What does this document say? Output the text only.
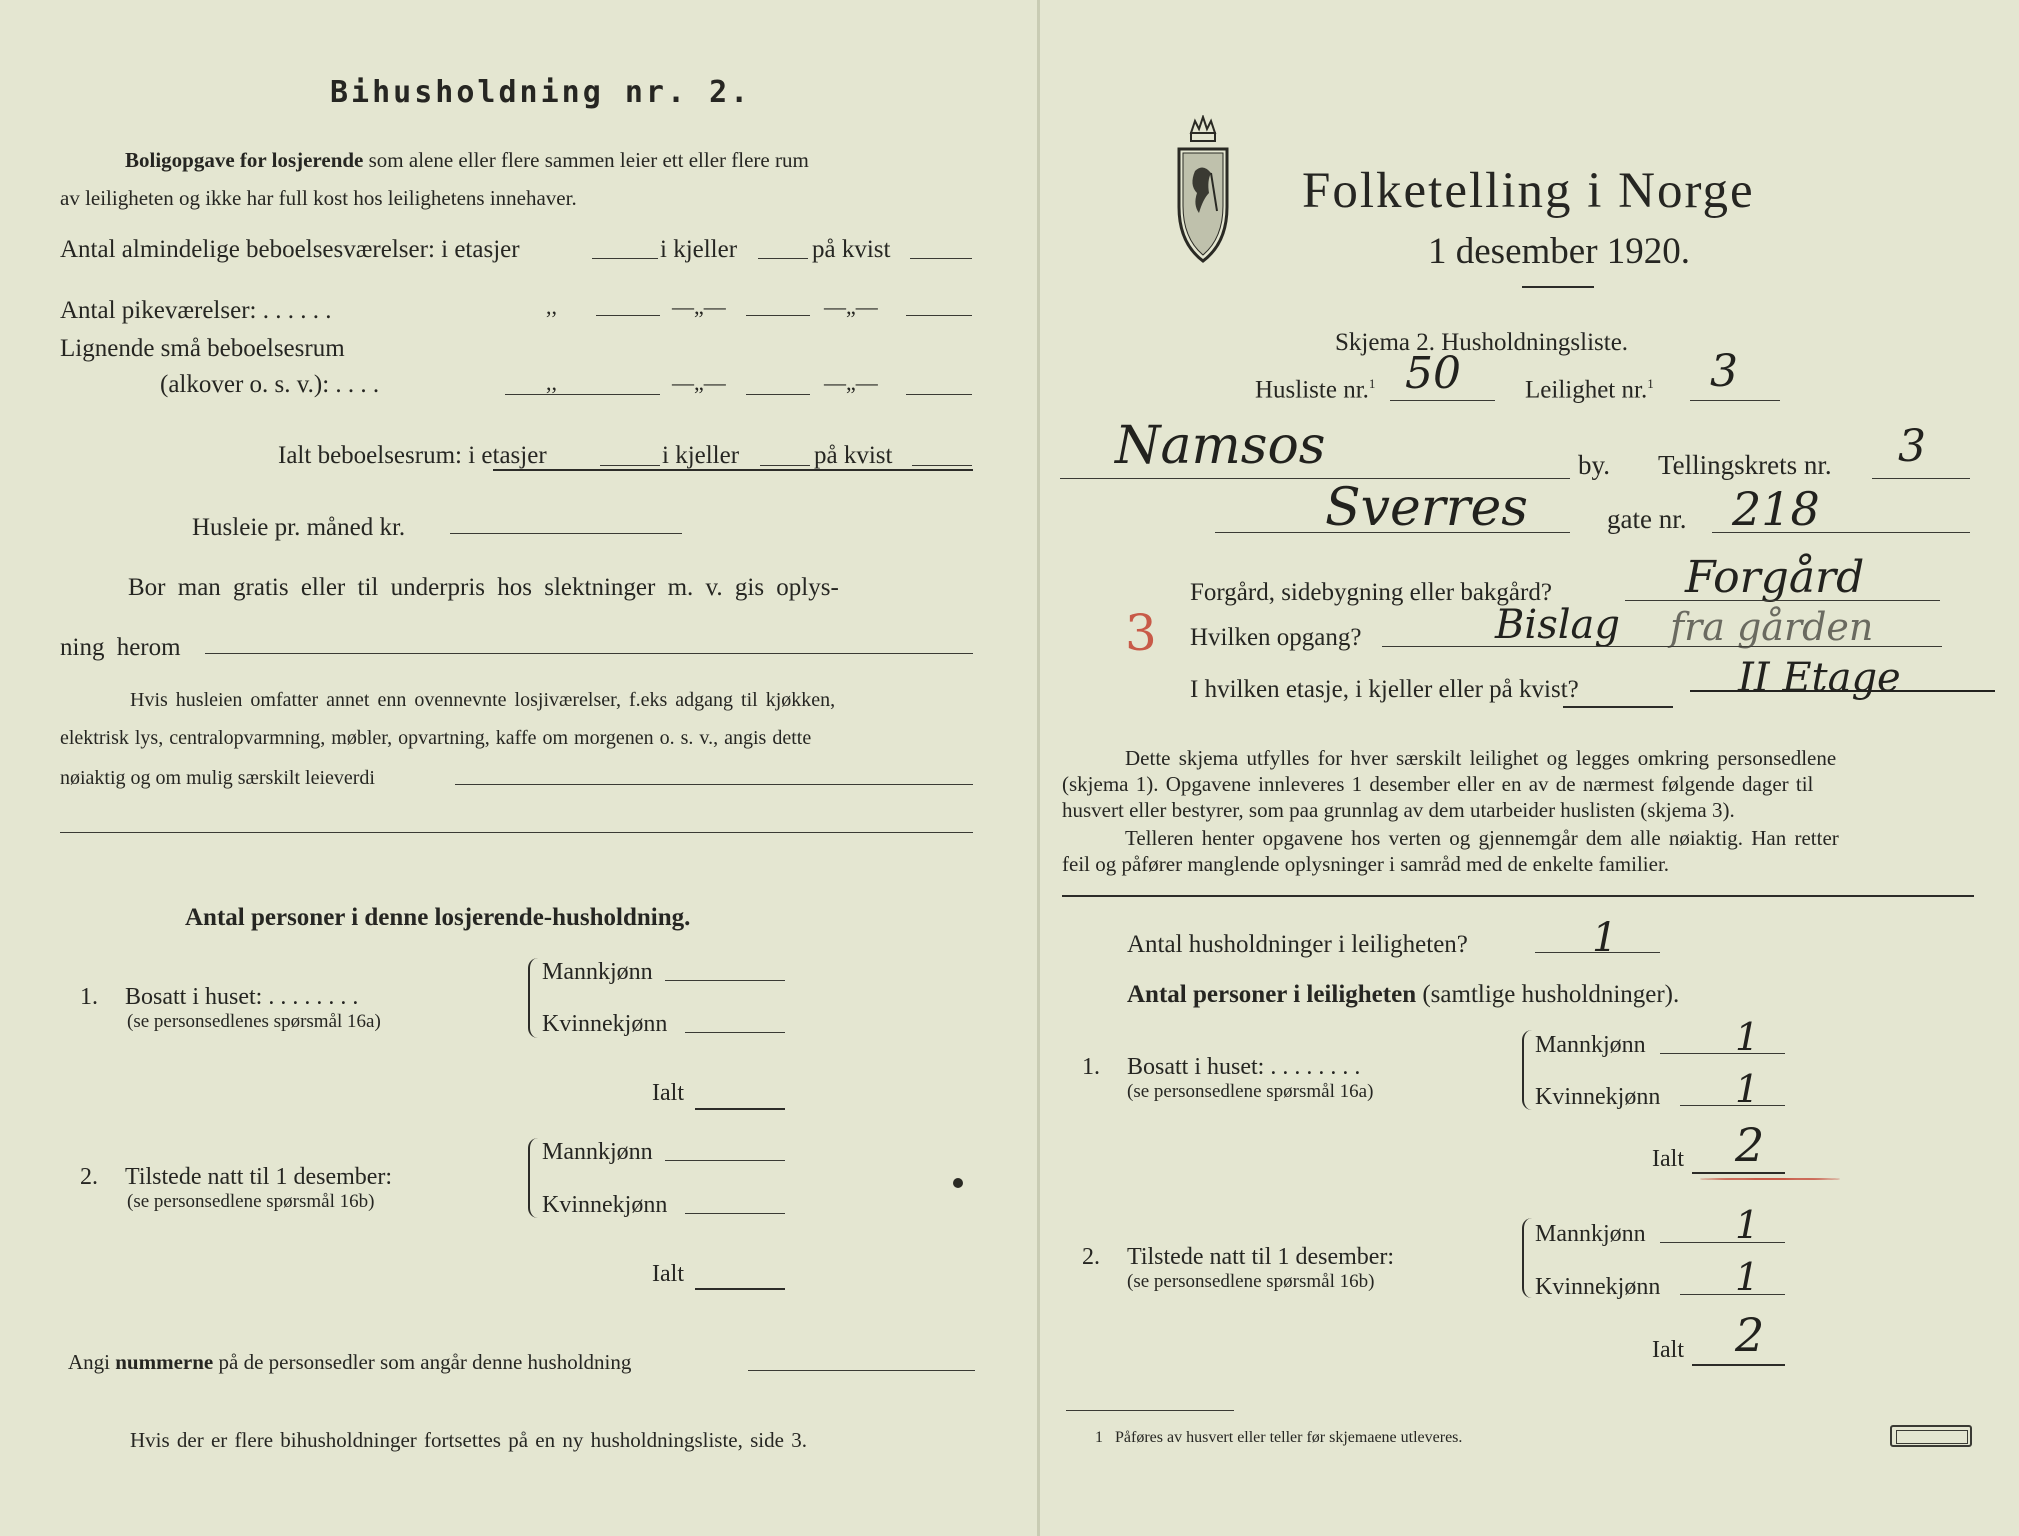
Bihusholdning nr. 2.
Boligopgave for losjerende som alene eller flere sammen leier ett eller flere rum
av leiligheten og ikke har full kost hos leilighetens innehaver.
Antal almindelige beboelsesværelser: i etasjer	i kjeller	på kvist
Antal pikeværelser: . . . . . .	,,	—„—	—„—
Lignende små beboelsesrum
(alkover o. s. v.): . . . .	,,	—„—	—„—
Ialt beboelsesrum: i etasjer	i kjeller	på kvist
Husleie pr. måned kr.
Bor man gratis eller til underpris hos slektninger m. v. gis oplys-
ning herom
Hvis husleien omfatter annet enn ovennevnte losjiværelser, f.eks adgang til kjøkken,
elektrisk lys, centralopvarmning, møbler, opvartning, kaffe om morgenen o. s. v., angis dette
nøiaktig og om mulig særskilt leieverdi
Antal personer i denne losjerende-husholdning.
1. Bosatt i huset: . . . . . . . .
(se personsedlenes spørsmål 16a)
Mannkjønn
Kvinnekjønn
Ialt
2. Tilstede natt til 1 desember:
(se personsedlene spørsmål 16b)
Mannkjønn
Kvinnekjønn
Ialt
Angi nummerne på de personsedler som angår denne husholdning
Hvis der er flere bihusholdninger fortsettes på en ny husholdningsliste, side 3.
Folketelling i Norge
1 desember 1920.
Skjema 2. Husholdningsliste.
Husliste nr.$^1$ 50	Leilighet nr.$^1$ 3
Namsos	by. Tellingskrets nr. 3
Sverres	gate nr. 218
Forgård, sidebygning eller bakgård?	Forgård
3 Hvilken opgang?	Bislag fra gården
I hvilken etasje, i kjeller eller på kvist?	II Etage
Dette skjema utfylles for hver særskilt leilighet og legges omkring personsedlene
(skjema 1). Opgavene innleveres 1 desember eller en av de nærmest følgende dager til
husvert eller bestyrer, som paa grunnlag av dem utarbeider huslisten (skjema 3).
Telleren henter opgavene hos verten og gjennemgår dem alle nøiaktig. Han retter
feil og påfører manglende oplysninger i samråd med de enkelte familier.
Antal husholdninger i leiligheten?	1
Antal personer i leiligheten (samtlige husholdninger).
1. Bosatt i huset: . . . . . . . .
(se personsedlene spørsmål 16a)
Mannkjønn 1
Kvinnekjønn 1
Ialt 2
2. Tilstede natt til 1 desember:
(se personsedlene spørsmål 16b)
Mannkjønn 1
Kvinnekjønn 1
Ialt 2
1 Påføres av husvert eller teller før skjemaene utleveres.
